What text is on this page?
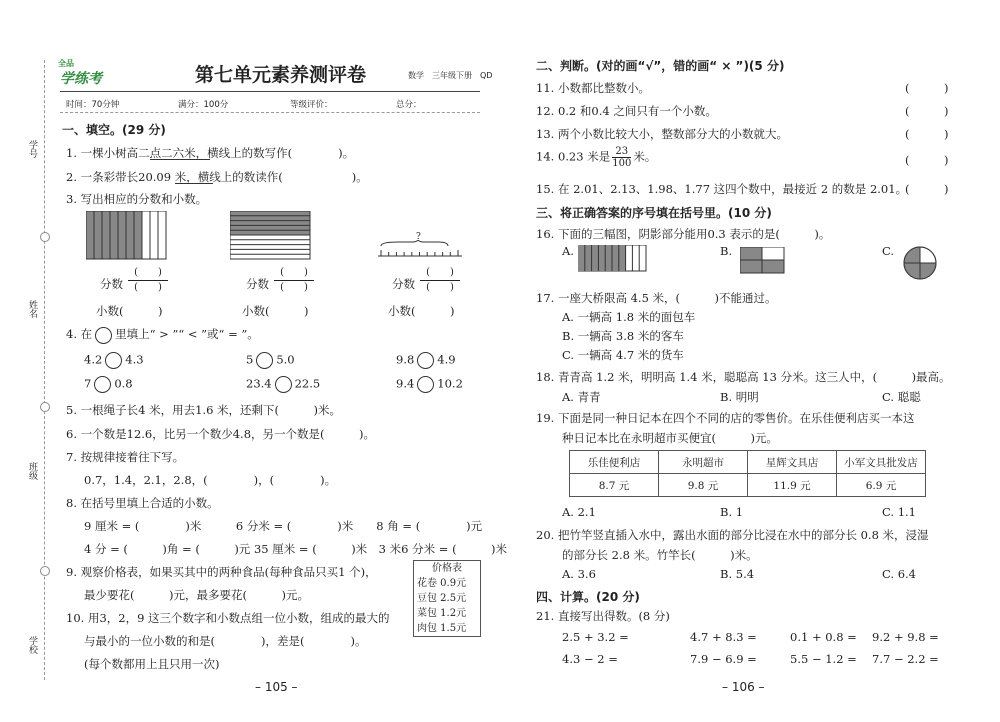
学号
姓名
班级
学校
全品
学练考	第七单元素养测评卷	数学　三年级下册　QD
时间：70分钟	满分：100分	等级评价：	总分：
一、填空。(29 分)
1. 一棵小树高二点二六米，横线上的数写作(　　　　)。
2. 一条彩带长20.09 米，横线上的数读作(　　　　　　)。
3. 写出相应的分数和小数。
?
分数
(　　)
(　　)	分数
(　　)
(　　)	分数
(　　)
(　　)
小数(　　　)	小数(　　　)	小数(　　　)
4. 在 里填上“ > ”“ < ”或“ = ”。
4.2 4.3	5 5.0	9.8 4.9
7 0.8	23.4 22.5	9.4 10.2
5. 一根绳子长4 米，用去1.6 米，还剩下(　　　)米。
6. 一个数是12.6，比另一个数少4.8，另一个数是(　　　)。
7. 按规律接着往下写。
0.7，1.4，2.1，2.8，(　　　　)，(　　　　)。
8. 在括号里填上合适的小数。
9 厘米 = (　　　　)米　　　6 分米 = (　　　　)米　　8 角 = (　　　　)元
4 分 = (　　　)角 = (　　　)元 35 厘米 = (　　　)米　3 米6 分米 = (　　　)米
9. 观察价格表，如果买其中的两种食品(每种食品只买1 个)，
最少要花(　　　)元，最多要花(　　　)元。
10. 用3，2，9 这三个数字和小数点组一位小数，组成的最大的
与最小的一位小数的和是(　　　　)，差是(　　　　)。
(每个数都用上且只用一次)
价格表
花卷 0.9元
豆包 2.5元
菜包 1.2元
肉包 1.5元
– 105 –
二、判断。(对的画“√”，错的画“ × ”)(5 分)
11. 小数都比整数小。
12. 0.2 和0.4 之间只有一个小数。
13. 两个小数比较大小，整数部分大的小数就大。
14. 0.23 米是 $\frac{23}{100}$ 米。
15. 在 2.01、2.13、1.98、1.77 这四个数中，最接近 2 的数是 2.01。
(　　　)
(　　　)
(　　　)
(　　　)
(　　　)
三、将正确答案的序号填在括号里。(10 分)
16. 下面的三幅图，阴影部分能用0.3 表示的是(　　　)。
A.	B.	C.
17. 一座大桥限高 4.5 米，(　　　)不能通过。
A. 一辆高 1.8 米的面包车
B. 一辆高 3.8 米的客车
C. 一辆高 4.7 米的货车
18. 青青高 1.2 米，明明高 1.4 米，聪聪高 13 分米。这三人中，(　　　)最高。
A. 青青	B. 明明	C. 聪聪
19. 下面是同一种日记本在四个不同的店的零售价。在乐佳便利店买一本这
种日记本比在永明超市买便宜(　　　)元。
乐佳便利店	永明超市	星辉文具店	小军文具批发店
8.7 元	9.8 元	11.9 元	6.9 元
A. 2.1	B. 1	C. 1.1
20. 把竹竿竖直插入水中，露出水面的部分比浸在水中的部分长 0.8 米，浸湿
的部分长 2.8 米。竹竿长(　　　)米。
A. 3.6	B. 5.4	C. 6.4
四、计算。(20 分)
21. 直接写出得数。(8 分)
2.5 + 3.2 =	4.7 + 8.3 =	0.1 + 0.8 = 9.2 + 9.8 =
4.3 − 2 =	7.9 − 6.9 =	5.5 − 1.2 = 7.7 − 2.2 =
– 106 –
